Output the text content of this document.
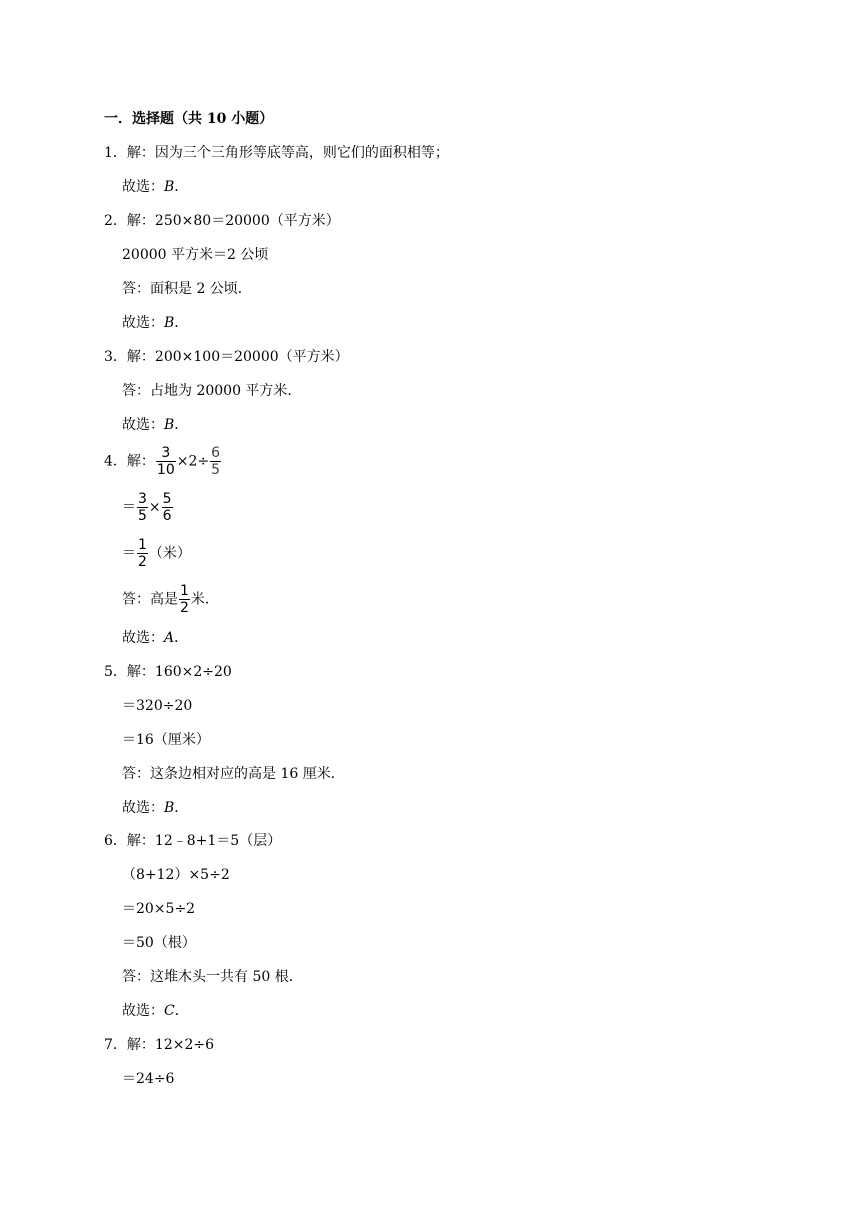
一．选择题（共 10 小题）
1．解：因为三个三角形等底等高，则它们的面积相等；
故选：B．
2．解：250×80＝20000（平方米）
20000 平方米＝2 公顷
答：面积是 2 公顷．
故选：B．
3．解：200×100＝20000（平方米）
答：占地为 20000 平方米．
故选：B．
4．解： $\frac{3}{10} \times 2\div \frac{6}{5}$
＝ $\frac{3}{5} \times \frac{5}{6}$
＝ $\frac{1}{2}$ （米）
答：高是 $\frac{1}{2}$ 米．
故选：A．
5．解：160×2÷20
＝320÷20
＝16（厘米）
答：这条边相对应的高是 16 厘米．
故选：B．
6．解：12﹣8+1＝5（层）
（8+12）×5÷2
＝20×5÷2
＝50（根）
答：这堆木头一共有 50 根．
故选：C．
7．解：12×2÷6
＝24÷6
